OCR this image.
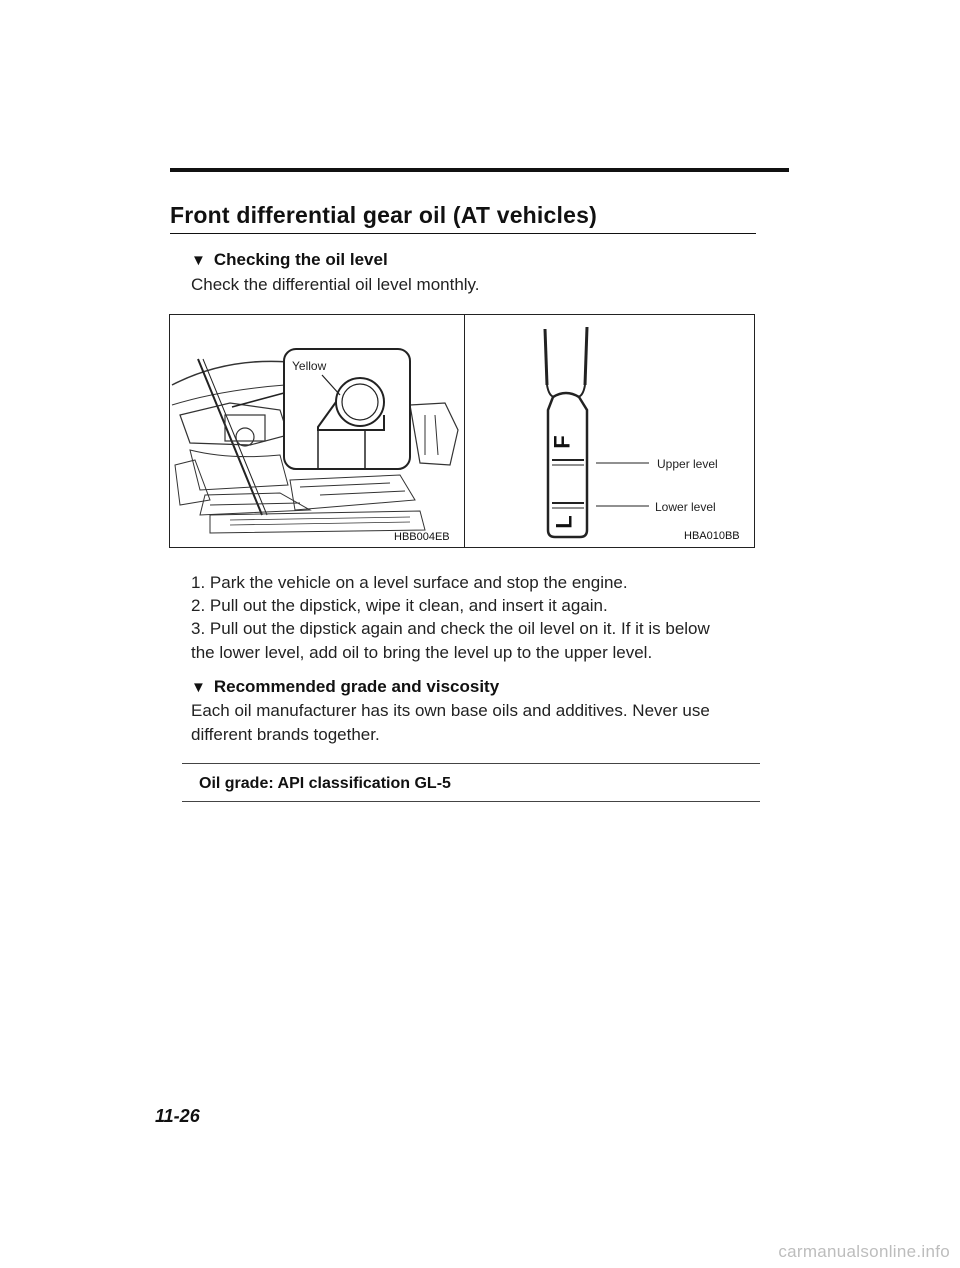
Front differential gear oil (AT vehicles)
▼ Checking the oil level
Check the differential oil level monthly.
Yellow
HBB004EB
F
L
Upper level
Lower level
HBA010BB
1. Park the vehicle on a level surface and stop the engine.
2. Pull out the dipstick, wipe it clean, and insert it again.
3. Pull out the dipstick again and check the oil level on it. If it is below
the lower level, add oil to bring the level up to the upper level.
▼ Recommended grade and viscosity
Each oil manufacturer has its own base oils and additives. Never use
different brands together.
Oil grade: API classification GL-5
11-26
carmanualsonline.info
